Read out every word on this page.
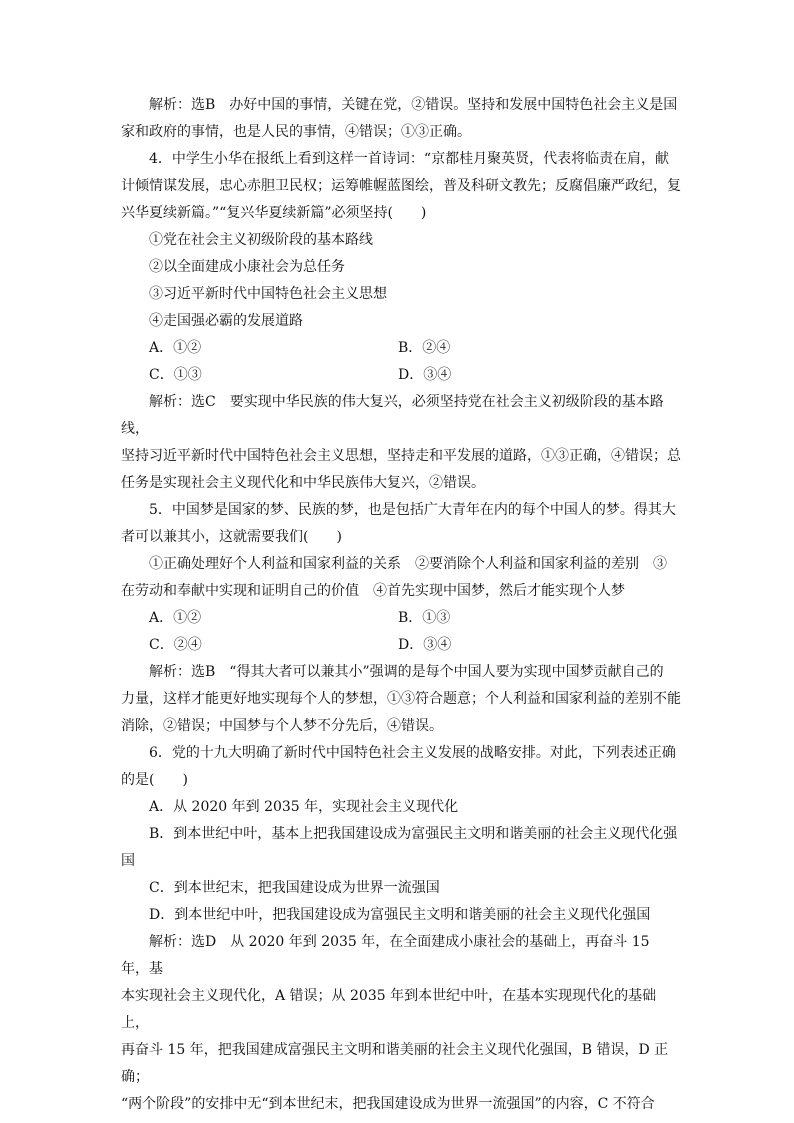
解析：选B　办好中国的事情，关键在党，②错误。坚持和发展中国特色社会主义是国

家和政府的事情，也是人民的事情，④错误；①③正确。

4．中学生小华在报纸上看到这样一首诗词：“京都桂月聚英贤，代表将临责在肩，献

计倾情谋发展，忠心赤胆卫民权；运筹帷幄蓝图绘，普及科研文教先；反腐倡廉严政纪，复

兴华夏续新篇。”“复兴华夏续新篇”必须坚持(　　)

①党在社会主义初级阶段的基本路线

②以全面建成小康社会为总任务

③习近平新时代中国特色社会主义思想

④走国强必霸的发展道路

A．①②	B．②④
C．①③	D．③④

解析：选C　要实现中华民族的伟大复兴，必须坚持党在社会主义初级阶段的基本路线，

坚持习近平新时代中国特色社会主义思想，坚持走和平发展的道路，①③正确，④错误；总

任务是实现社会主义现代化和中华民族伟大复兴，②错误。

5．中国梦是国家的梦、民族的梦，也是包括广大青年在内的每个中国人的梦。得其大

者可以兼其小，这就需要我们(　　)

①正确处理好个人利益和国家利益的关系　②要消除个人利益和国家利益的差别　③

在劳动和奉献中实现和证明自己的价值　④首先实现中国梦，然后才能实现个人梦

A．①②	B．①③
C．②④	D．③④

解析：选B　“得其大者可以兼其小”强调的是每个中国人要为实现中国梦贡献自己的

力量，这样才能更好地实现每个人的梦想，①③符合题意；个人利益和国家利益的差别不能

消除，②错误；中国梦与个人梦不分先后，④错误。

6．党的十九大明确了新时代中国特色社会主义发展的战略安排。对此，下列表述正确

的是(　　)

A．从 2020 年到 2035 年，实现社会主义现代化

B．到本世纪中叶，基本上把我国建设成为富强民主文明和谐美丽的社会主义现代化强

国

C．到本世纪末，把我国建设成为世界一流强国

D．到本世纪中叶，把我国建设成为富强民主文明和谐美丽的社会主义现代化强国

解析：选D　从 2020 年到 2035 年，在全面建成小康社会的基础上，再奋斗 15 年，基

本实现社会主义现代化，A 错误；从 2035 年到本世纪中叶，在基本实现现代化的基础上，

再奋斗 15 年，把我国建成富强民主文明和谐美丽的社会主义现代化强国，B 错误，D 正确；

“两个阶段”的安排中无“到本世纪末，把我国建设成为世界一流强国”的内容，C 不符合
